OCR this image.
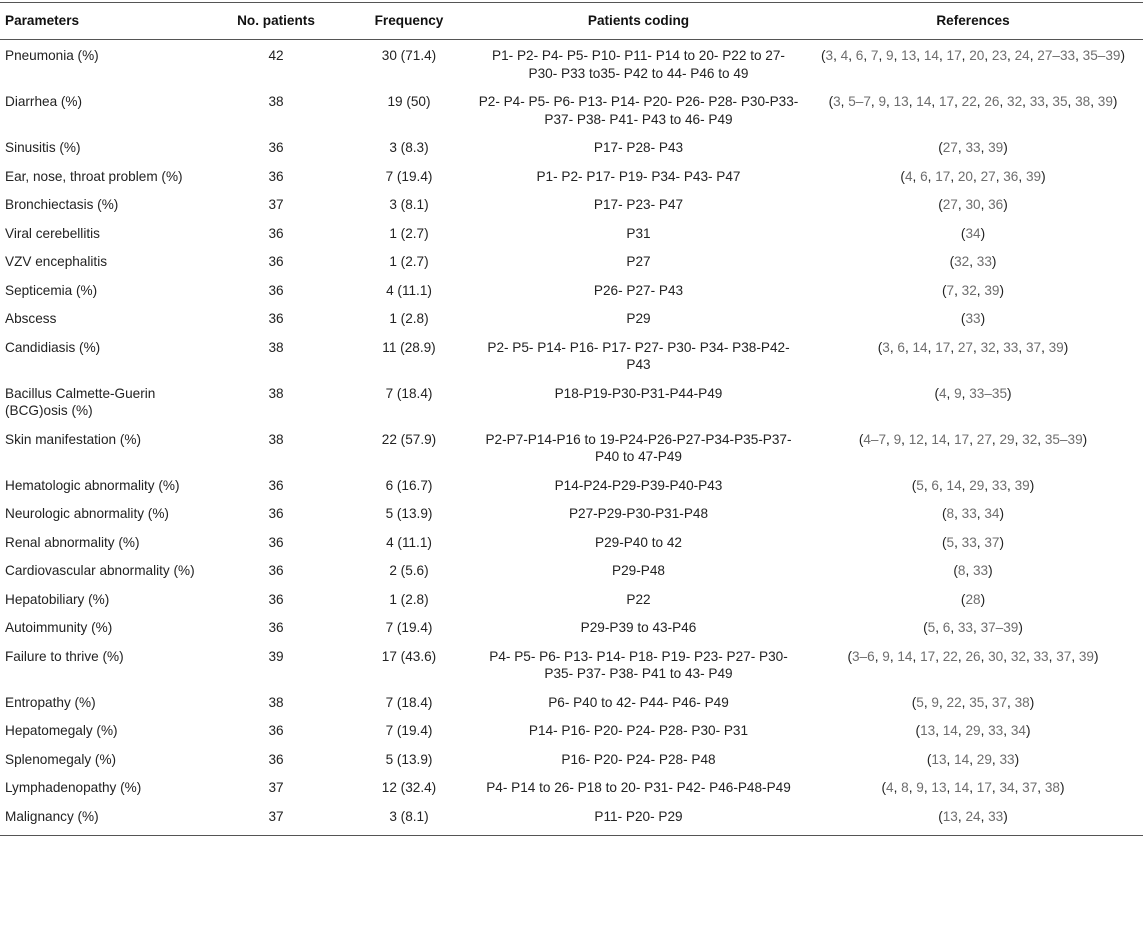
Parameters	No. patients	Frequency	Patients coding	References
Pneumonia (%)	42	30 (71.4)	P1- P2- P4- P5- P10- P11- P14 to 20- P22 to 27- P30- P33 to35- P42 to 44- P46 to 49	(3, 4, 6, 7, 9, 13, 14, 17, 20, 23, 24, 27–33, 35–39)
Diarrhea (%)	38	19 (50)	P2- P4- P5- P6- P13- P14- P20- P26- P28- P30-P33- P37- P38- P41- P43 to 46- P49	(3, 5–7, 9, 13, 14, 17, 22, 26, 32, 33, 35, 38, 39)
Sinusitis (%)	36	3 (8.3)	P17- P28- P43	(27, 33, 39)
Ear, nose, throat problem (%)	36	7 (19.4)	P1- P2- P17- P19- P34- P43- P47	(4, 6, 17, 20, 27, 36, 39)
Bronchiectasis (%)	37	3 (8.1)	P17- P23- P47	(27, 30, 36)
Viral cerebellitis	36	1 (2.7)	P31	(34)
VZV encephalitis	36	1 (2.7)	P27	(32, 33)
Septicemia (%)	36	4 (11.1)	P26- P27- P43	(7, 32, 39)
Abscess	36	1 (2.8)	P29	(33)
Candidiasis (%)	38	11 (28.9)	P2- P5- P14- P16- P17- P27- P30- P34- P38-P42- P43	(3, 6, 14, 17, 27, 32, 33, 37, 39)
Bacillus Calmette-Guerin (BCG)osis (%)	38	7 (18.4)	P18-P19-P30-P31-P44-P49	(4, 9, 33–35)
Skin manifestation (%)	38	22 (57.9)	P2-P7-P14-P16 to 19-P24-P26-P27-P34-P35-P37-P40 to 47-P49	(4–7, 9, 12, 14, 17, 27, 29, 32, 35–39)
Hematologic abnormality (%)	36	6 (16.7)	P14-P24-P29-P39-P40-P43	(5, 6, 14, 29, 33, 39)
Neurologic abnormality (%)	36	5 (13.9)	P27-P29-P30-P31-P48	(8, 33, 34)
Renal abnormality (%)	36	4 (11.1)	P29-P40 to 42	(5, 33, 37)
Cardiovascular abnormality (%)	36	2 (5.6)	P29-P48	(8, 33)
Hepatobiliary (%)	36	1 (2.8)	P22	(28)
Autoimmunity (%)	36	7 (19.4)	P29-P39 to 43-P46	(5, 6, 33, 37–39)
Failure to thrive (%)	39	17 (43.6)	P4- P5- P6- P13- P14- P18- P19- P23- P27- P30-P35- P37- P38- P41 to 43- P49	(3–6, 9, 14, 17, 22, 26, 30, 32, 33, 37, 39)
Entropathy (%)	38	7 (18.4)	P6- P40 to 42- P44- P46- P49	(5, 9, 22, 35, 37, 38)
Hepatomegaly (%)	36	7 (19.4)	P14- P16- P20- P24- P28- P30- P31	(13, 14, 29, 33, 34)
Splenomegaly (%)	36	5 (13.9)	P16- P20- P24- P28- P48	(13, 14, 29, 33)
Lymphadenopathy (%)	37	12 (32.4)	P4- P14 to 26- P18 to 20- P31- P42- P46-P48-P49	(4, 8, 9, 13, 14, 17, 34, 37, 38)
Malignancy (%)	37	3 (8.1)	P11- P20- P29	(13, 24, 33)
